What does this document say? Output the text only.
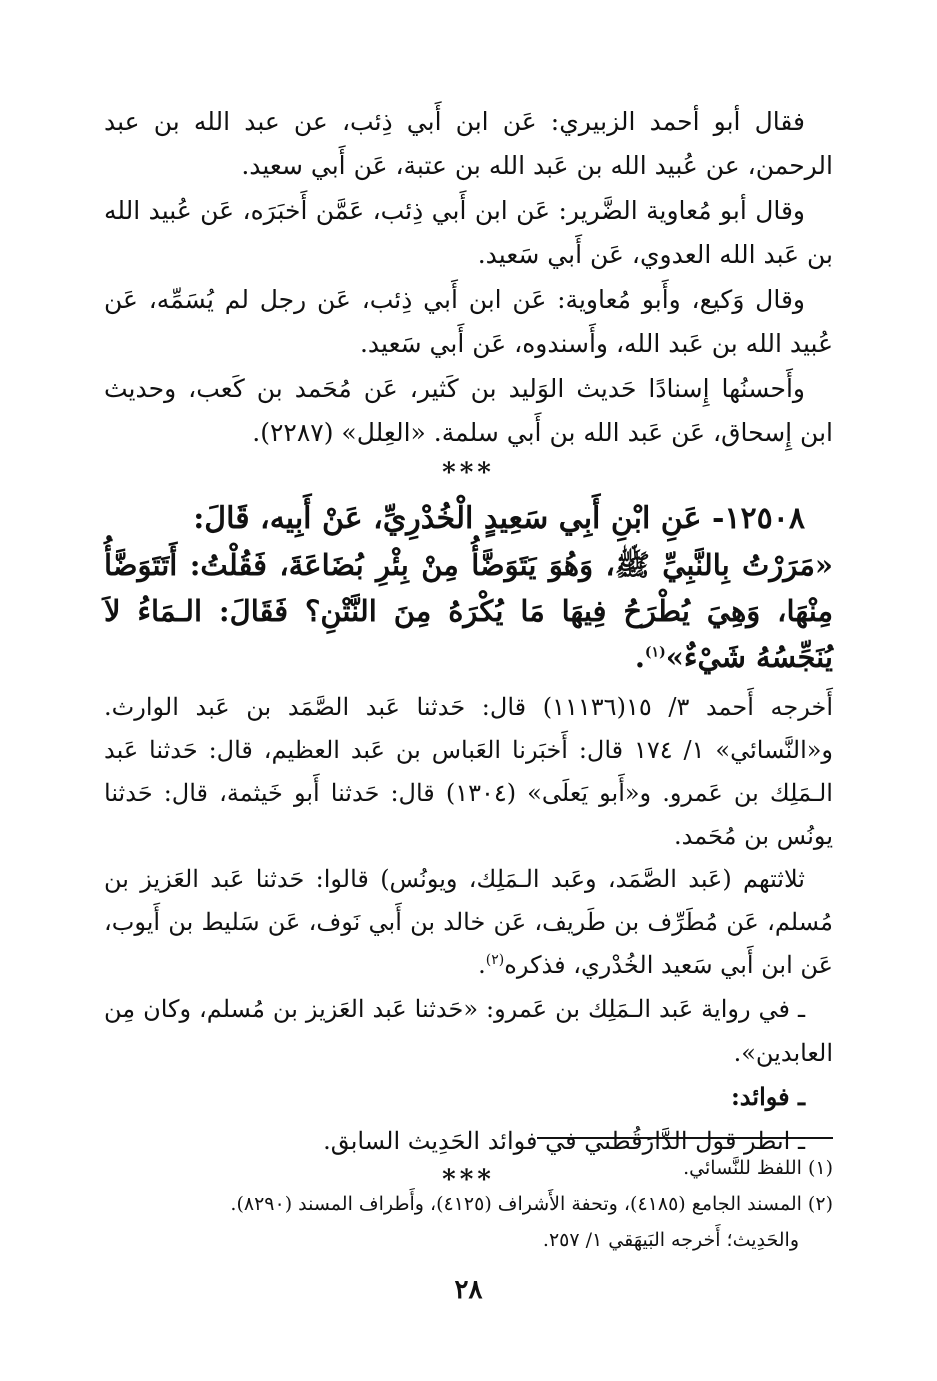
فقال أبو أحمد الزبيري: عَن ابن أَبي ذِئب، عن عبد الله بن عبد الرحمن، عن عُبيد الله بن عَبد الله بن عتبة، عَن أَبي سعيد.

وقال أبو مُعاوية الضَّرير: عَن ابن أَبي ذِئب، عَمَّن أَخبَرَه، عَن عُبيد الله بن عَبد الله العدوي، عَن أَبي سَعيد.

وقال وَكيع، وأَبو مُعاوية: عَن ابن أَبي ذِئب، عَن رجل لم يُسَمِّه، عَن عُبيد الله بن عَبد الله، وأَسندوه، عَن أَبي سَعيد.

وأَحسنُها إِسنادًا حَديث الوَليد بن كَثير، عَن مُحَمد بن كَعب، وحديث ابن إِسحاق، عَن عَبد الله بن أَبي سلمة. «العِلل» (٢٢٨٧).

***

١٢٥٠٨- عَنِ ابْنِ أَبِي سَعِيدٍ الْخُدْرِيِّ، عَنْ أَبِيه، قَالَ:

«مَرَرْتُ بِالنَّبِيِّ ﷺ، وَهُوَ يَتَوَضَّأُ مِنْ بِئْرِ بُضَاعَةَ، فَقُلْتُ: أَتَتَوَضَّأُ مِنْهَا، وَهِيَ يُطْرَحُ فِيهَا مَا يُكْرَهُ مِنَ النَّتْنِ؟ فَقَالَ: الـمَاءُ لاَ يُنَجِّسُهُ شَيْءٌ»$^{(١)}$.

أَخرجه أَحمد ٣/ ١٥(١١١٣٦) قال: حَدثنا عَبد الصَّمَد بن عَبد الوارث. و«النَّسائي» ١/ ١٧٤ قال: أَخبَرنا العَباس بن عَبد العظيم، قال: حَدثنا عَبد الـمَلِك بن عَمرو. و«أَبو يَعلَى» (١٣٠٤) قال: حَدثنا أَبو خَيثمة، قال: حَدثنا يونُس بن مُحَمد.

ثلاثتهم (عَبد الصَّمَد، وعَبد الـمَلِك، ويونُس) قالوا: حَدثنا عَبد العَزيز بن مُسلم، عَن مُطَرِّف بن طَريف، عَن خالد بن أَبي نَوف، عَن سَليط بن أَيوب، عَن ابن أَبي سَعيد الخُدْري، فذكره$^{(٢)}$.

ـ في رواية عَبد الـمَلِك بن عَمرو: «حَدثنا عَبد العَزيز بن مُسلم، وكان مِن العابدين».

ـ فوائد:

ـ انظر قول الدَّارَقُطني في فوائد الحَدِيث السابق.

***	(١) اللفظ للنَّسائي.

(٢) المسند الجامع (٤١٨٥)، وتحفة الأَشراف (٤١٢٥)، وأَطراف المسند (٨٢٩٠).

والحَدِيث؛ أَخرجه البَيهَقي ١/ ٢٥٧.

٢٨
